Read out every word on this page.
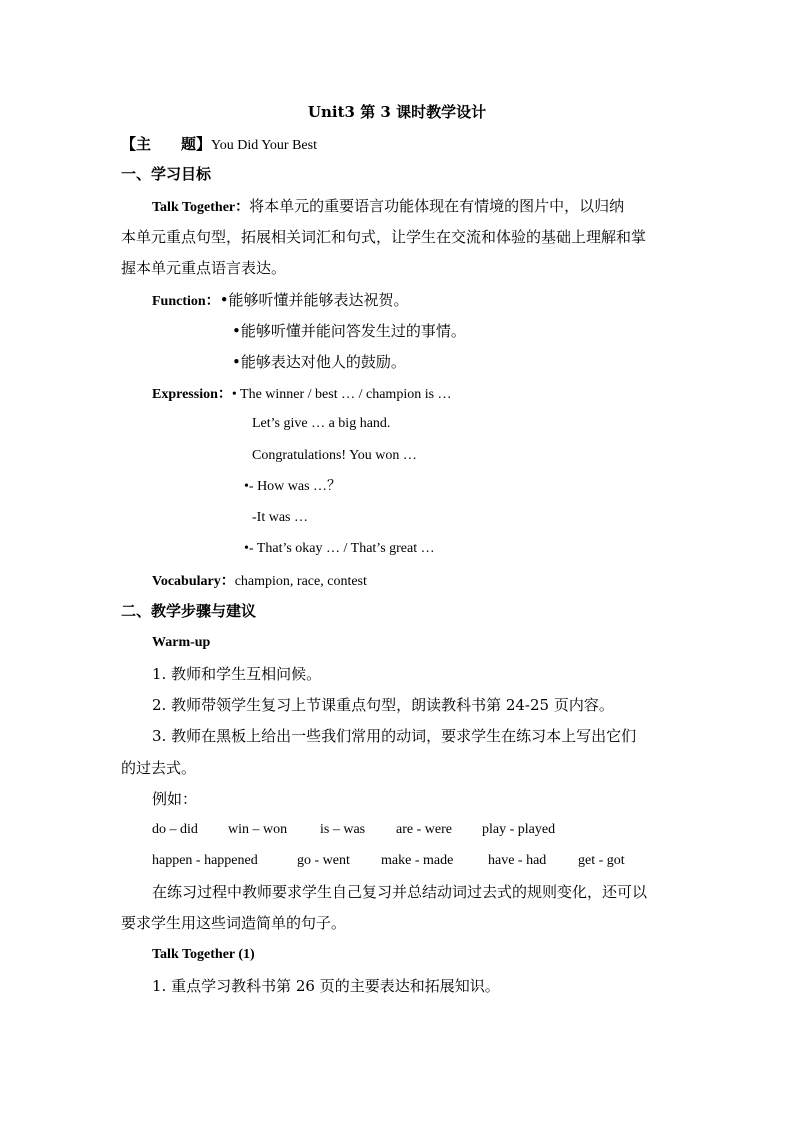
Unit3 第 3 课时教学设计
【主　　题】You Did Your Best
一、学习目标
Talk Together：将本单元的重要语言功能体现在有情境的图片中，以归纳
本单元重点句型，拓展相关词汇和句式，让学生在交流和体验的基础上理解和掌
握本单元重点语言表达。
Function：•能够听懂并能够表达祝贺。
•能够听懂并能问答发生过的事情。
•能够表达对他人的鼓励。
Expression：• The winner / best … / champion is …
Let’s give … a big hand.
Congratulations! You won …
•- How was …？
-It was …
•- That’s okay … / That’s great …
Vocabulary：champion, race, contest
二、教学步骤与建议
Warm-up
1. 教师和学生互相问候。
2. 教师带领学生复习上节课重点句型，朗读教科书第 24-25 页内容。
3. 教师在黑板上给出一些我们常用的动词，要求学生在练习本上写出它们
的过去式。
例如：
do – did win – won is – was are - were play - played
happen - happened	go - went make - made have - had get - got
在练习过程中教师要求学生自己复习并总结动词过去式的规则变化，还可以
要求学生用这些词造简单的句子。
Talk Together (1)
1. 重点学习教科书第 26 页的主要表达和拓展知识。
